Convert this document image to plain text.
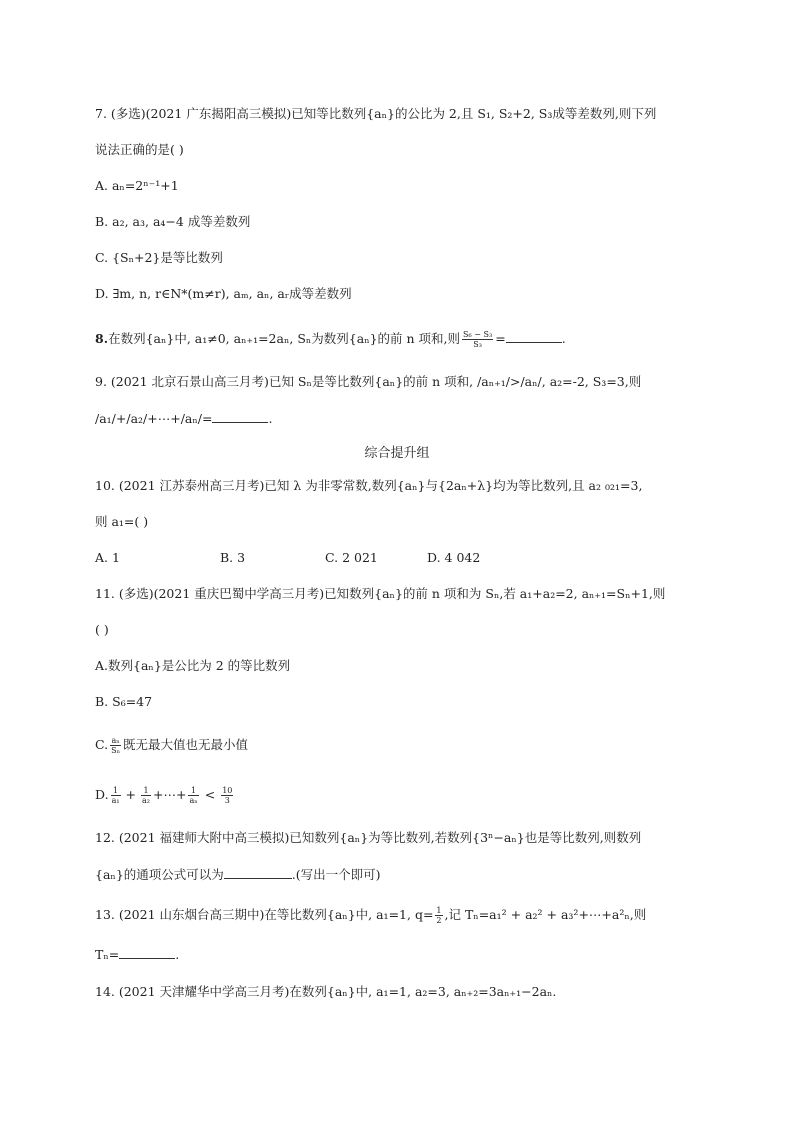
7. (多选)(2021 广东揭阳高三模拟)已知等比数列{aₙ}的公比为 2,且 S₁, S₂+2, S₃成等差数列,则下列
说法正确的是( )
A. aₙ=2ⁿ⁻¹+1
B. a₂, a₃, a₄−4 成等差数列
C. {Sₙ+2}是等比数列
D. ∃m, n, r∈N*(m≠r), aₘ, aₙ, aᵣ成等差数列
8.在数列{aₙ}中, a₁≠0, aₙ₊₁=2aₙ, Sₙ为数列{aₙ}的前 n 项和,则 $\frac{\text{S₆ − S₃}}{\text{S₃}}$ =	.
9. (2021 北京石景山高三月考)已知 Sₙ是等比数列{aₙ}的前 n 项和, /aₙ₊₁/>/aₙ/, a₂=-2, S₃=3,则
/a₁/+/a₂/+⋯+/aₙ/=	.
综合提升组
10. (2021 江苏泰州高三月考)已知 λ 为非零常数,数列{aₙ}与{2aₙ+λ}均为等比数列,且 a₂ ₀₂₁=3,
则 a₁=( )
A. 1	B. 3	C. 2 021	D. 4 042
11. (多选)(2021 重庆巴蜀中学高三月考)已知数列{aₙ}的前 n 项和为 Sₙ,若 a₁+a₂=2, aₙ₊₁=Sₙ+1,则
( )
A.数列{aₙ}是公比为 2 的等比数列
B. S₆=47
C. $\frac{\text{aₙ}}{\text{Sₙ}}$ 既无最大值也无最小值
D. $\frac{1}{\text{a₁}} + \frac{1}{\text{a₂}}$ +⋯+ $\frac{1}{\text{aₙ}} < \frac{10}{3}$
12. (2021 福建师大附中高三模拟)已知数列{aₙ}为等比数列,若数列{3ⁿ−aₙ}也是等比数列,则数列
{aₙ}的通项公式可以为	.(写出一个即可)
13. (2021 山东烟台高三期中)在等比数列{aₙ}中, a₁=1, $q= \frac{1}{2}$ ,记 Tₙ=a₁² + a₂² + a₃²+⋯+a²ₙ,则
Tₙ=	.
14. (2021 天津耀华中学高三月考)在数列{aₙ}中, a₁=1, a₂=3, aₙ₊₂=3aₙ₊₁−2aₙ.
